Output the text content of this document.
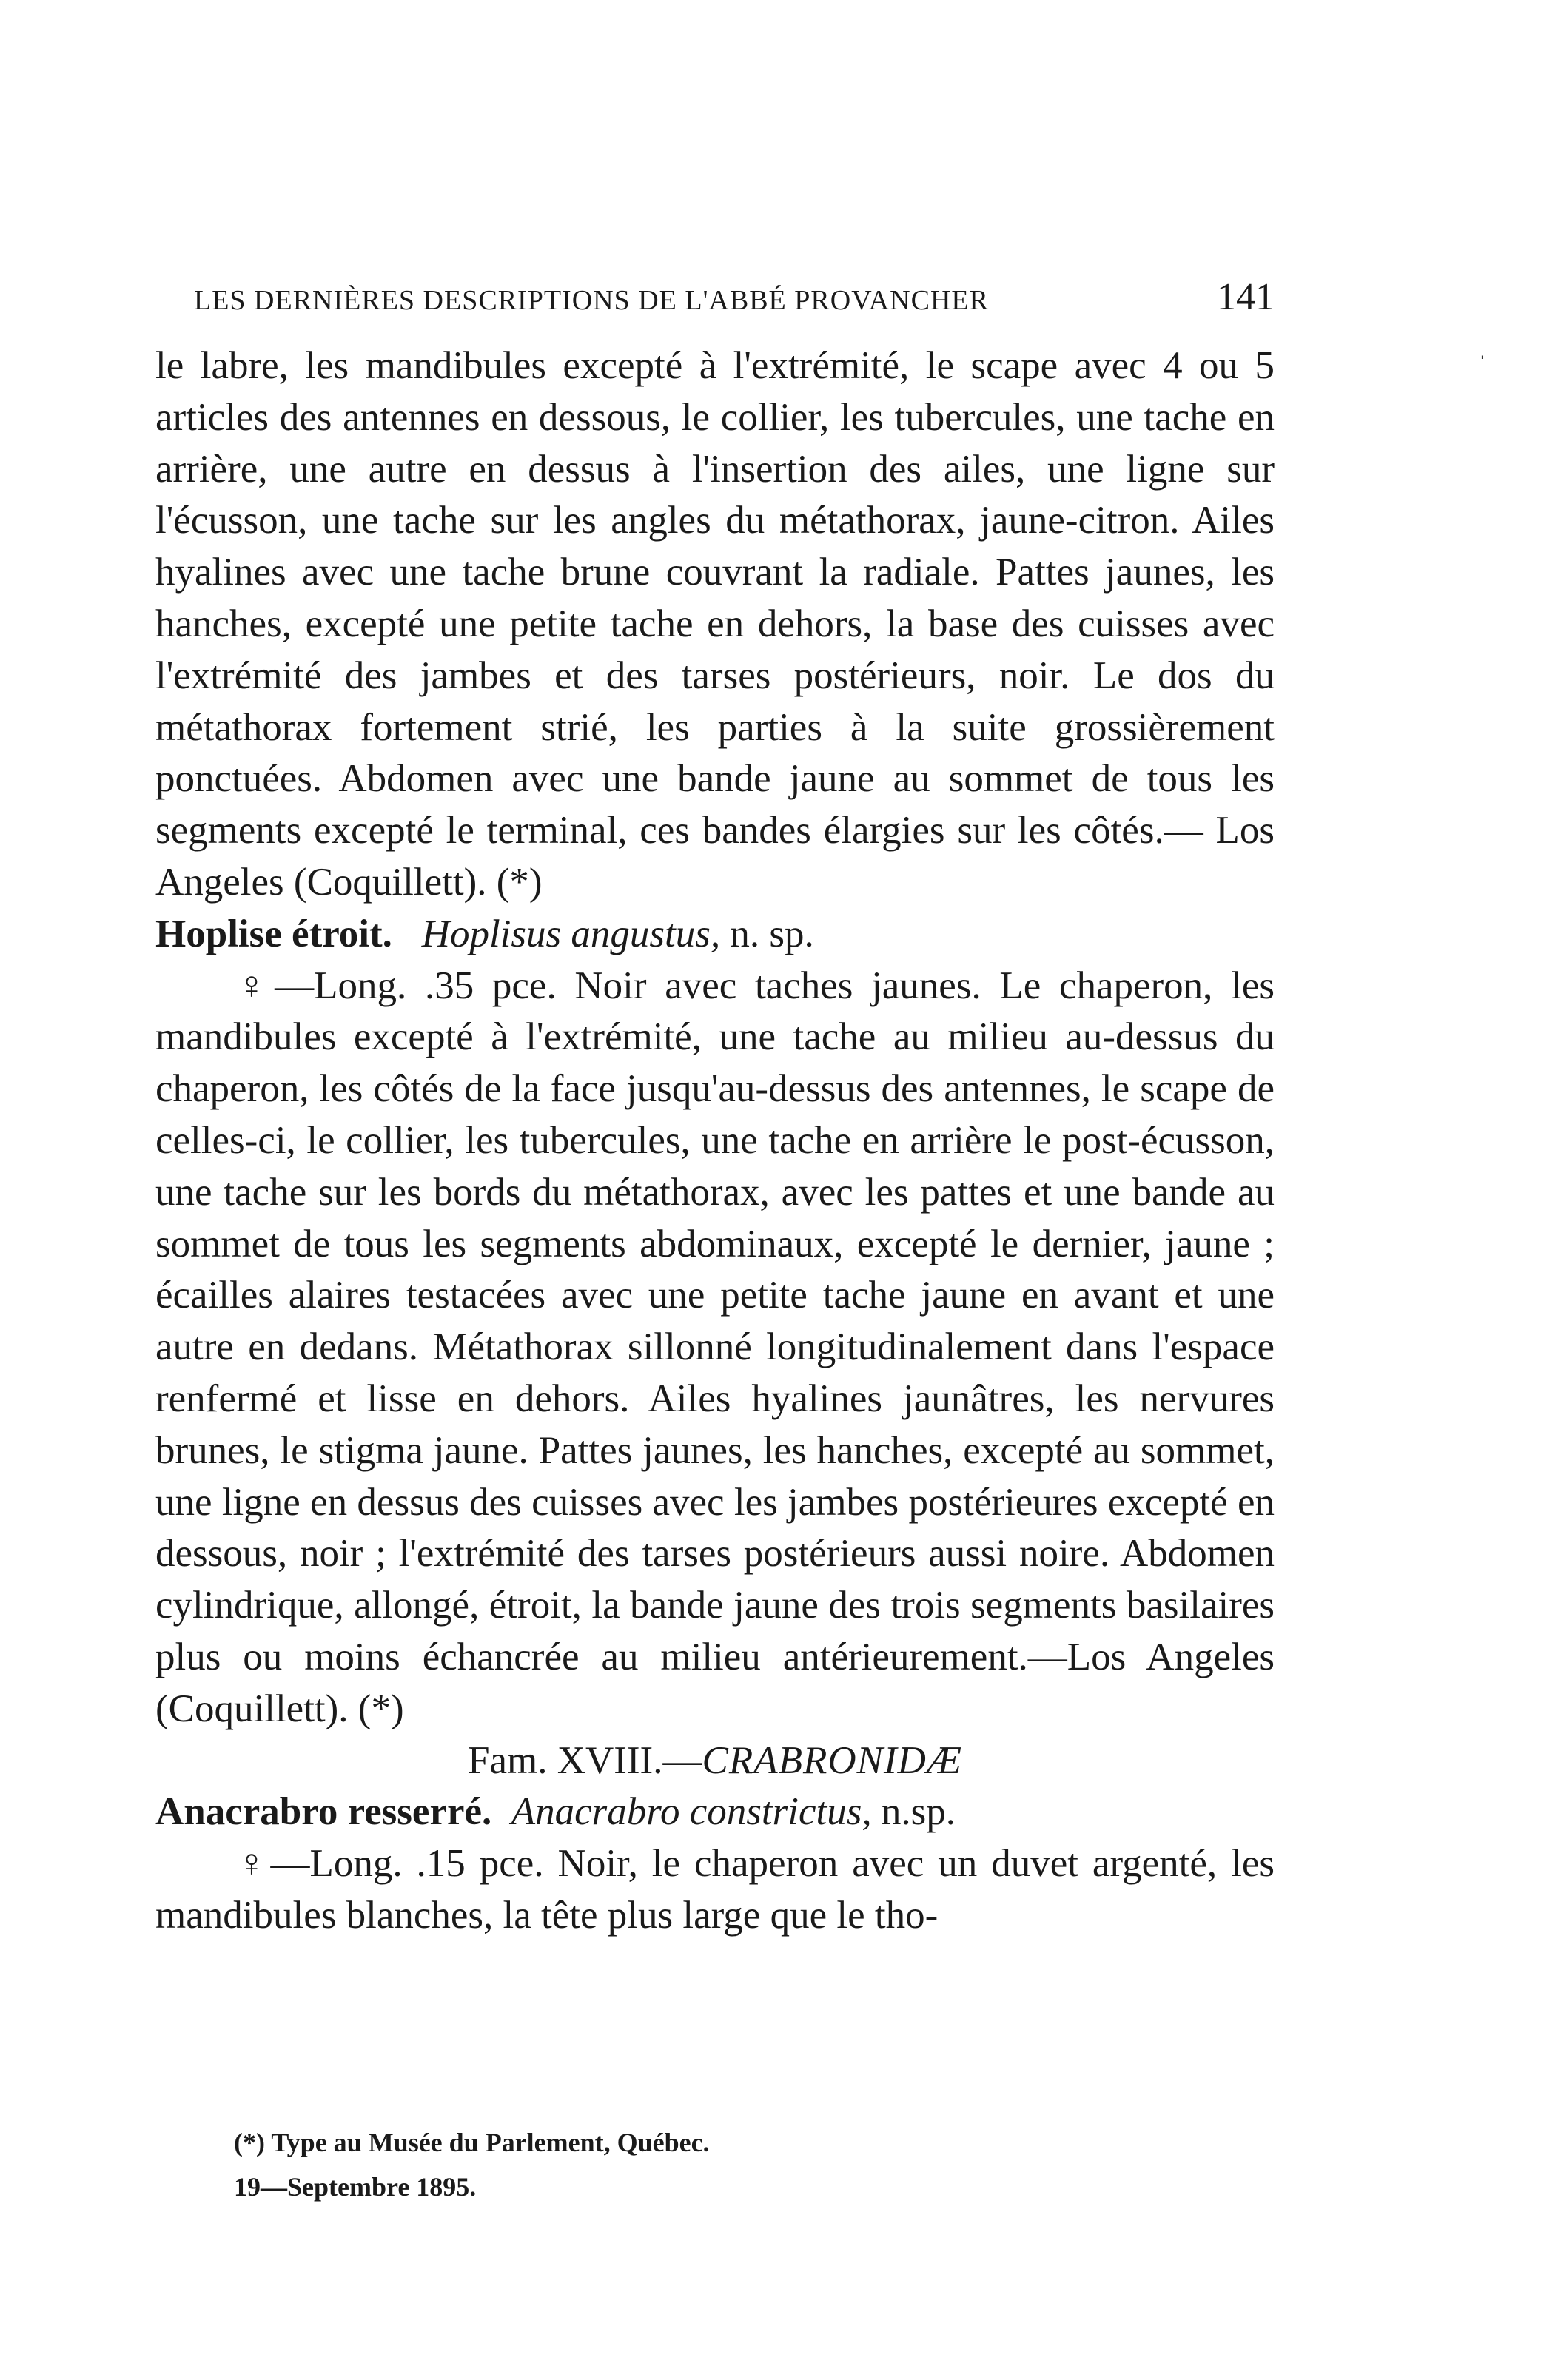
LES DERNIÈRES DESCRIPTIONS DE L'ABBÉ PROVANCHER	141

le labre, les mandibules excepté à l'extrémité, le scape avec 4 ou 5 articles des antennes en dessous, le collier, les tubercules, une tache en arrière, une autre en dessus à l'insertion des ailes, une ligne sur l'écusson, une tache sur les angles du métathorax, jaune-citron. Ailes hyalines avec une tache brune couvrant la radiale. Pattes jaunes, les hanches, excepté une petite tache en dehors, la base des cuisses avec l'extrémité des jambes et des tarses postérieurs, noir. Le dos du métathorax fortement strié, les parties à la suite grossièrement ponctuées. Abdomen avec une bande jaune au sommet de tous les segments excepté le terminal, ces bandes élargies sur les côtés.— Los Angeles (Coquillett). (*)

Hoplise étroit. Hoplisus angustus, n. sp.

♀—Long. .35 pce. Noir avec taches jaunes. Le chaperon, les mandibules excepté à l'extrémité, une tache au milieu au-dessus du chaperon, les côtés de la face jusqu'au-dessus des antennes, le scape de celles-ci, le collier, les tubercules, une tache en arrière le post-écusson, une tache sur les bords du métathorax, avec les pattes et une bande au sommet de tous les segments abdominaux, excepté le dernier, jaune ; écailles alaires testacées avec une petite tache jaune en avant et une autre en dedans. Métathorax sillonné longitudinalement dans l'espace renfermé et lisse en dehors. Ailes hyalines jaunâtres, les nervures brunes, le stigma jaune. Pattes jaunes, les hanches, excepté au sommet, une ligne en dessus des cuisses avec les jambes postérieures excepté en dessous, noir ; l'extrémité des tarses postérieurs aussi noire. Abdomen cylindrique, allongé, étroit, la bande jaune des trois segments basilaires plus ou moins échancrée au milieu antérieurement.—Los Angeles (Coquillett). (*)

Fam. XVIII.—CRABRONIDÆ

Anacrabro resserré. Anacrabro constrictus, n.sp.

♀—Long. .15 pce. Noir, le chaperon avec un duvet argenté, les mandibules blanches, la tête plus large que le tho-

(*) Type au Musée du Parlement, Québec.

19—Septembre 1895.

ˌ
